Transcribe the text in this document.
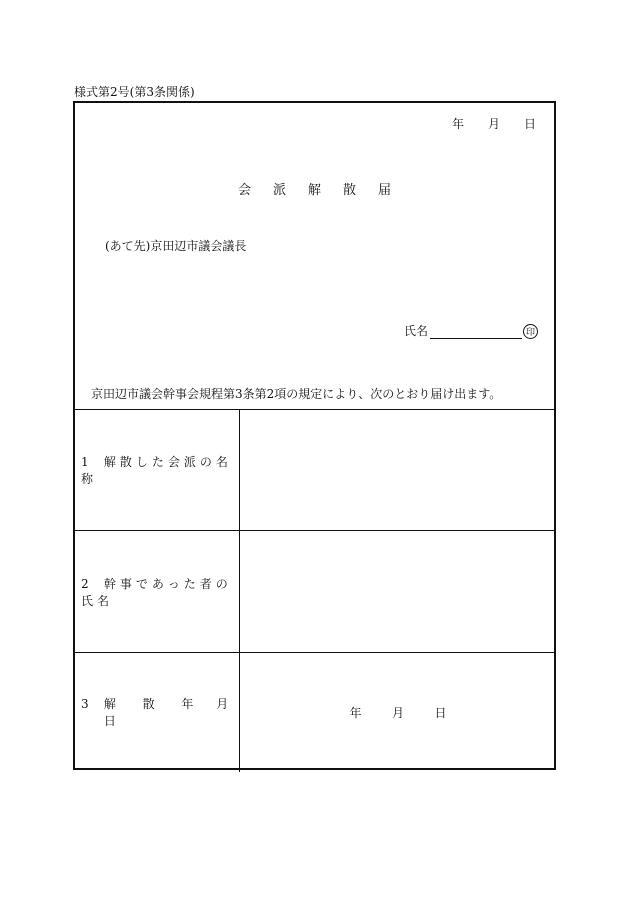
様式第2号(第3条関係)
年 月 日
会派解散届
(あて先)京田辺市議会議長
氏名	印
京田辺市議会幹事会規程第3条第2項の規定により、次のとおり届け出ます。
1 解散した会派の名称	
2 幹事であった者の氏名	
3 解 散 年 月      日	年 月 日
